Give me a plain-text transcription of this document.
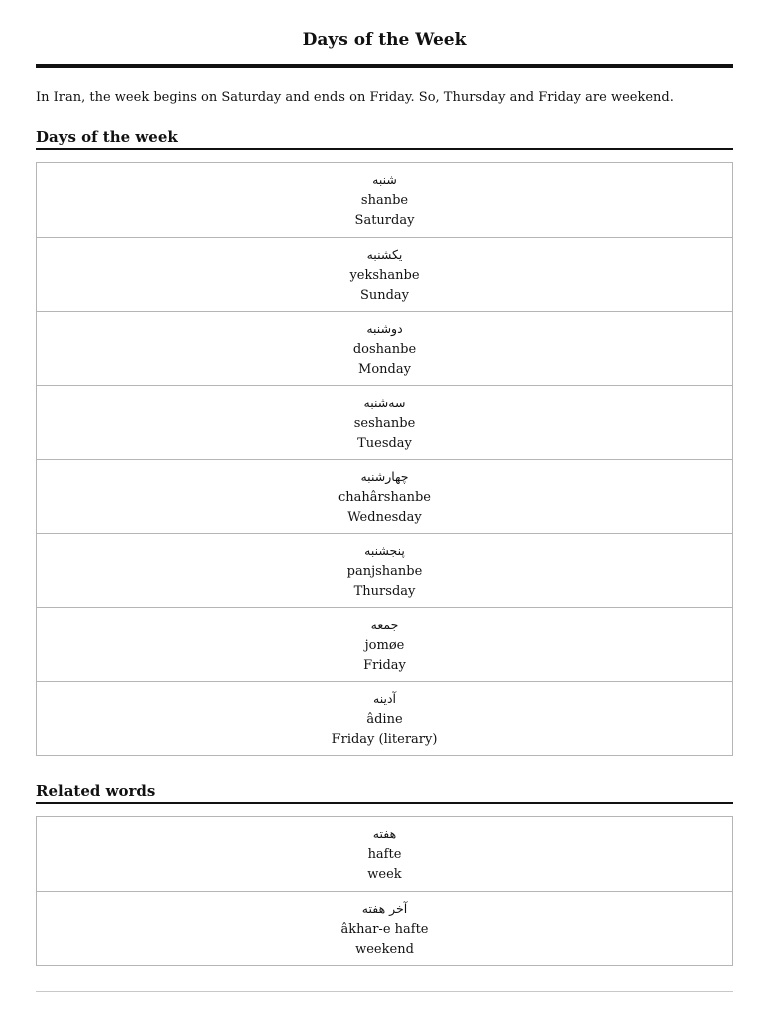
Days of the Week

In Iran, the week begins on Saturday and ends on Friday. So, Thursday and Friday are weekend.

Days of the week
شنبه
shanbe
Saturday
یکشنبه
yekshanbe
Sunday
دوشنبه
doshanbe
Monday
سه‌شنبه
seshanbe
Tuesday
چهارشنبه
chahârshanbe
Wednesday
پنجشنبه
panjshanbe
Thursday
جمعه
jomøe
Friday
آدینه
âdine
Friday (literary)
Related words
هفته
hafte
week
آخر هفته
âkhar-e hafte
weekend
